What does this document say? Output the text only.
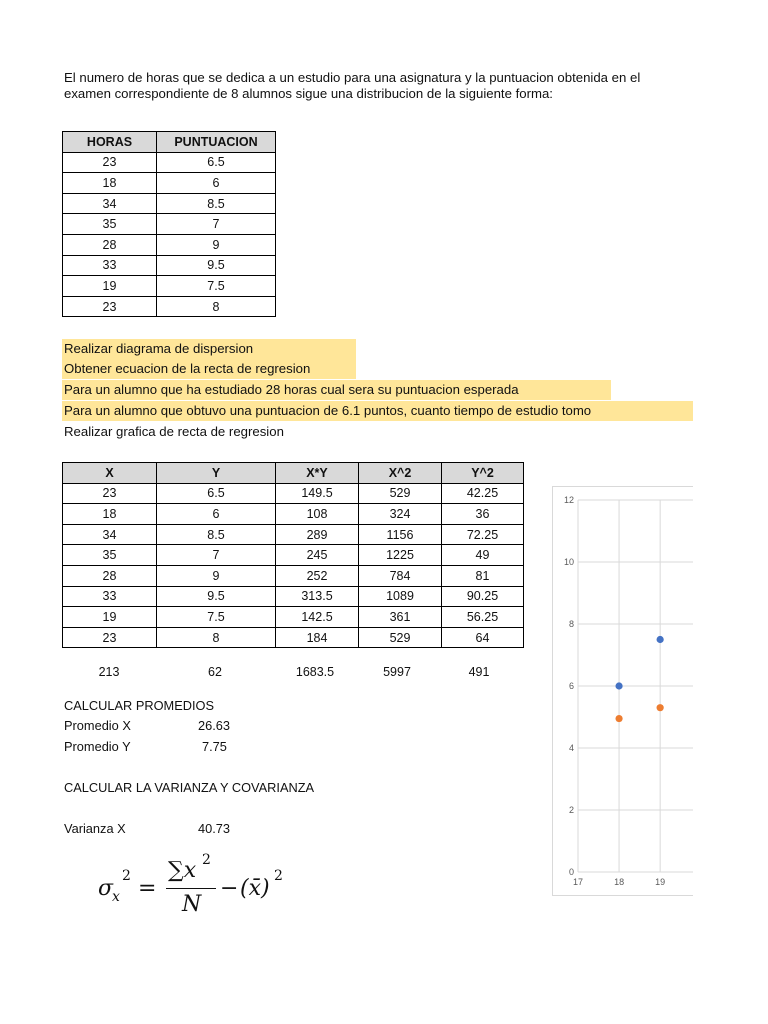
El numero de horas que se dedica a un estudio para una asignatura y la puntuacion obtenida en el
examen correspondiente de 8 alumnos sigue una distribucion de la siguiente forma:
HORAS	PUNTUACION
23	6.5
18	6
34	8.5
35	7
28	9
33	9.5
19	7.5
23	8
Realizar diagrama de dispersion
Obtener ecuacion de la recta de regresion
Para un alumno que ha estudiado 28 horas cual sera su puntuacion esperada
Para un alumno que obtuvo una puntuacion de 6.1 puntos, cuanto tiempo de estudio tomo
Realizar grafica de recta de regresion
X	Y	X*Y	X^2	Y^2
23	6.5	149.5	529	42.25
18	6	108	324	36
34	8.5	289	1156	72.25
35	7	245	1225	49
28	9	252	784	81
33	9.5	313.5	1089	90.25
19	7.5	142.5	361	56.25
23	8	184	529	64
213	62	1683.5	5997	491
CALCULAR PROMEDIOS
Promedio X	26.63
Promedio Y	7.75
CALCULAR LA VARIANZA Y COVARIANZA
Varianza X	40.73
σ
x
2 =
∑x 2
N
− (x̄) 2	0
2
4
6
8
10
12
17	18	19
